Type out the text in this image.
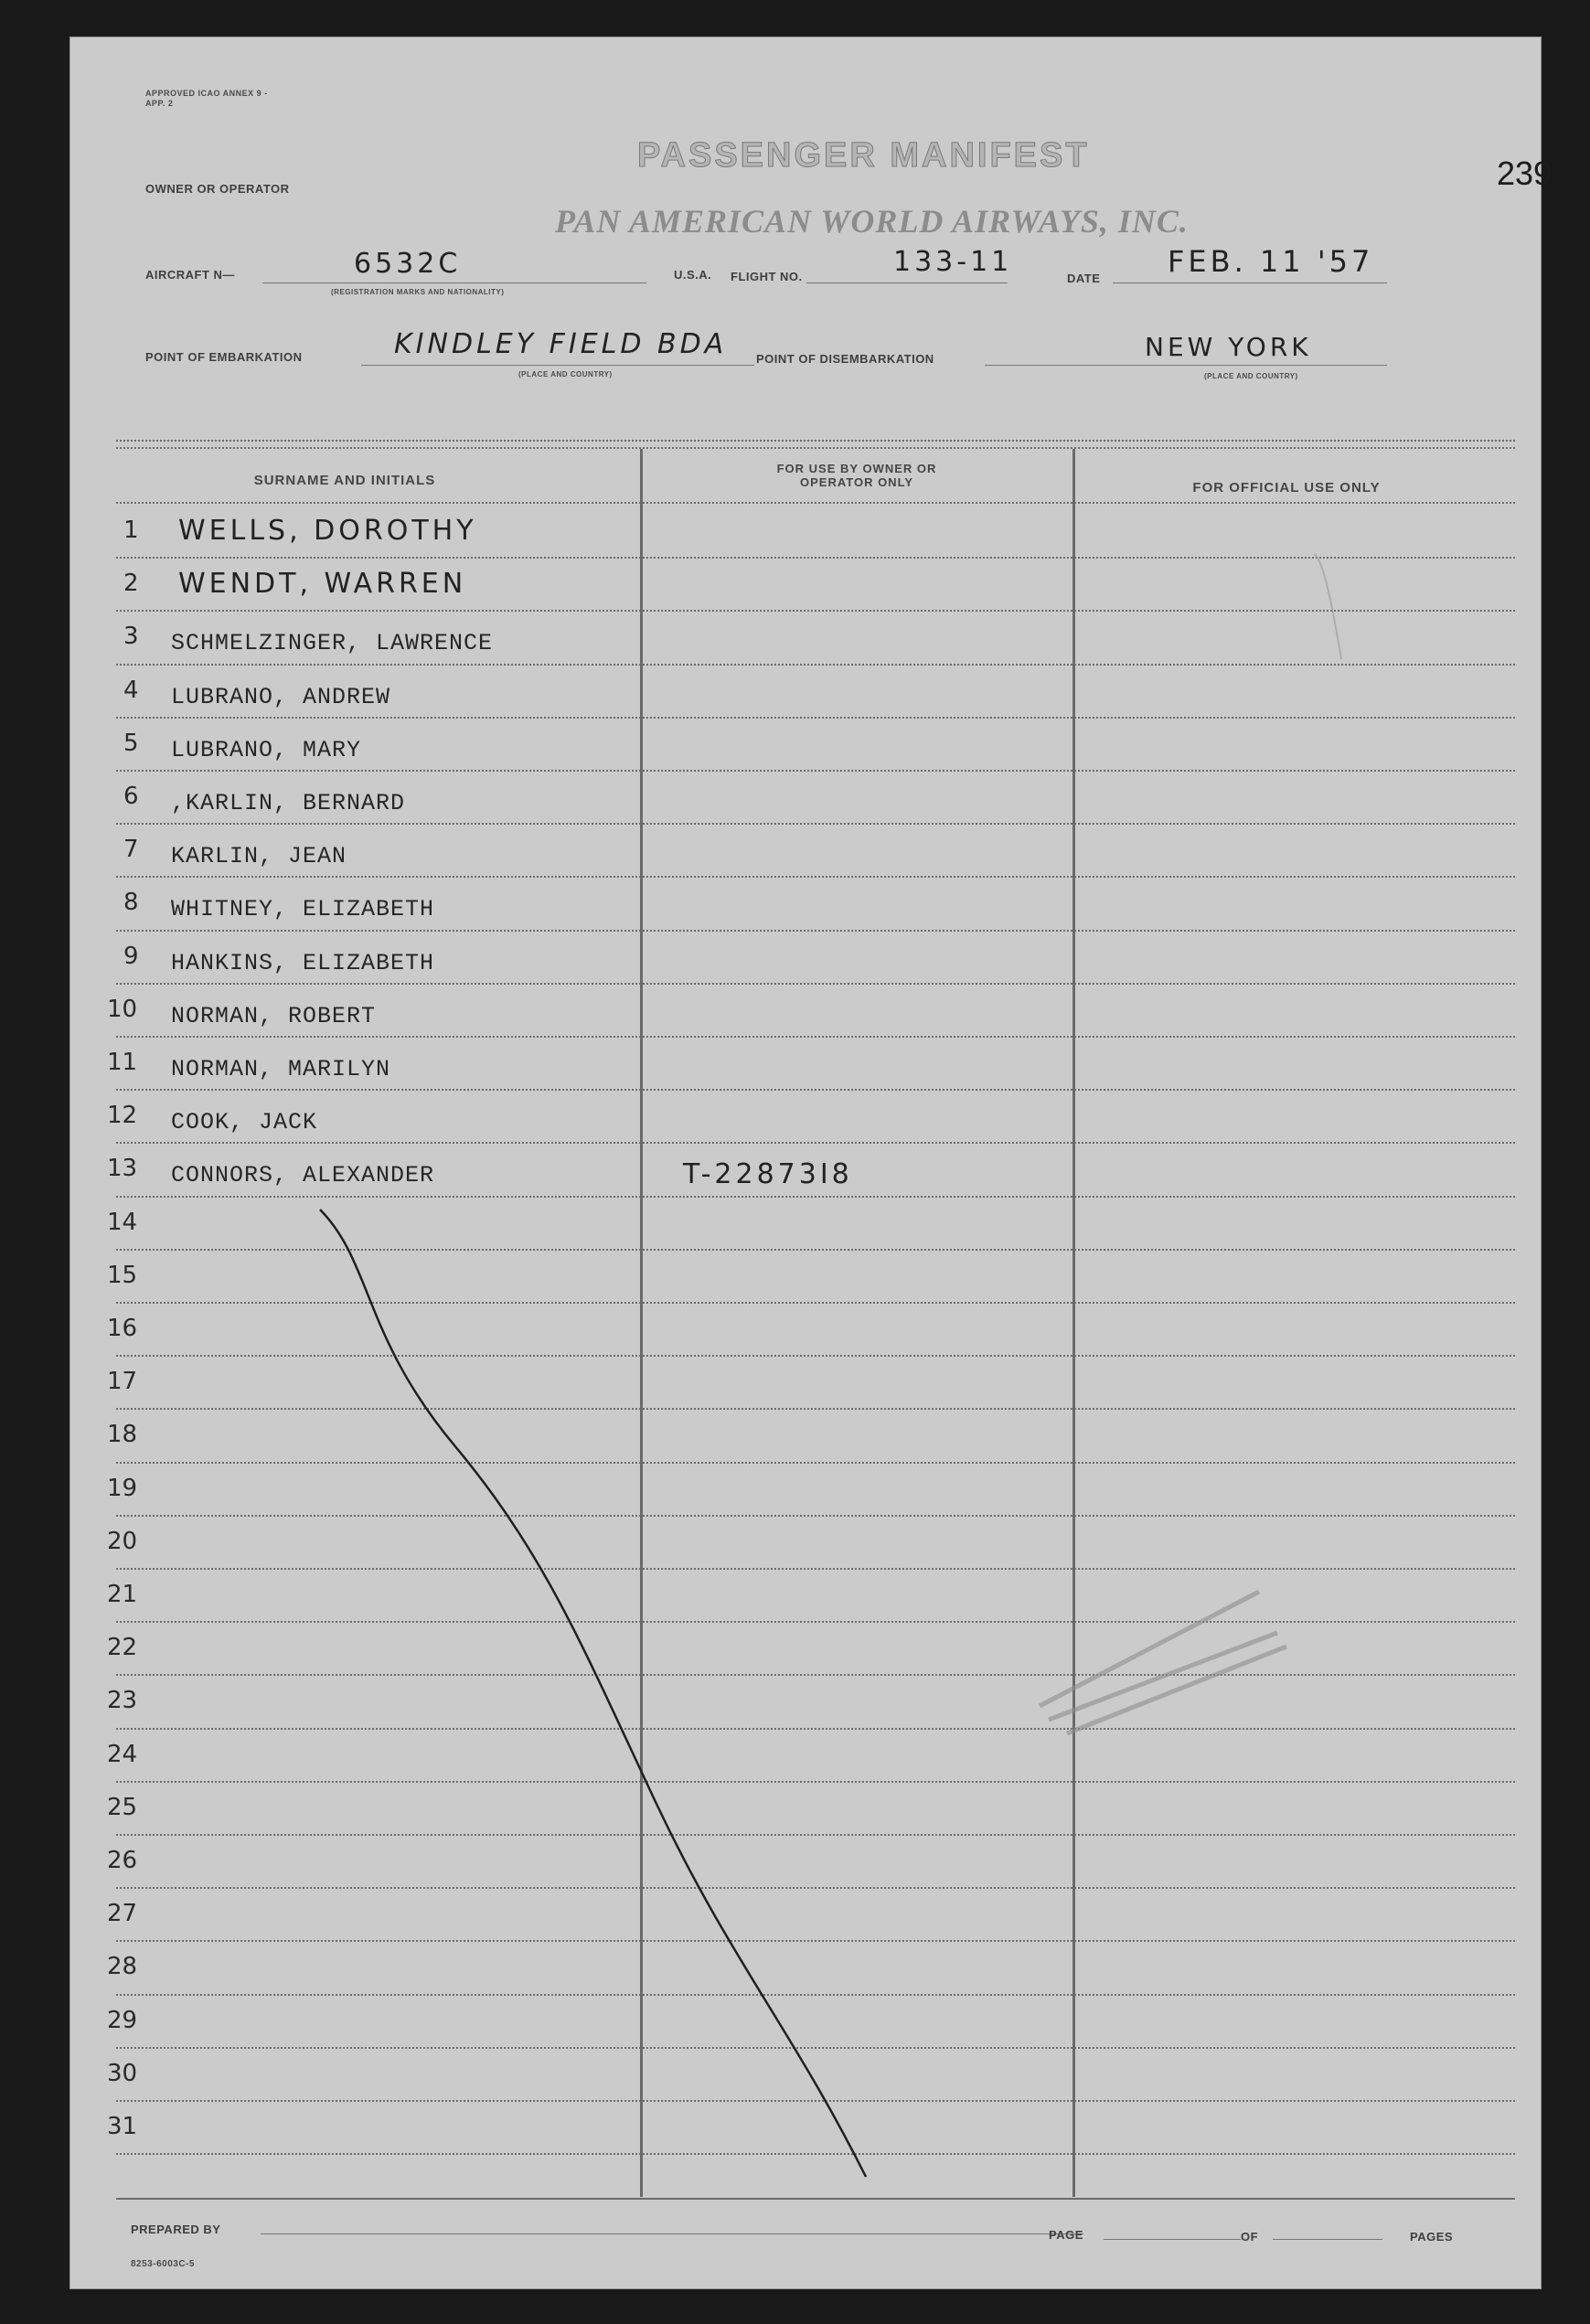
APPROVED ICAO ANNEX 9 - APP. 2
PASSENGER MANIFEST	239
OWNER OR OPERATOR
PAN AMERICAN WORLD AIRWAYS, INC.
AIRCRAFT N—	6532C
(REGISTRATION MARKS AND NATIONALITY)
U.S.A. FLIGHT NO.	133-11
DATE FEB. 11 '57
POINT OF EMBARKATION	KINDLEY FIELD BDA
(PLACE AND COUNTRY)
POINT OF DISEMBARKATION	NEW YORK
(PLACE AND COUNTRY)
SURNAME AND INITIALS
FOR USE BY OWNER OR OPERATOR ONLY	FOR OFFICIAL USE ONLY
1 WELLS, DOROTHY
2 WENDT, WARREN
3 SCHMELZINGER, LAWRENCE
4 LUBRANO, ANDREW
5 LUBRANO, MARY
6 ,KARLIN, BERNARD
7 KARLIN, JEAN
8 WHITNEY, ELIZABETH
9 HANKINS, ELIZABETH
10 NORMAN, ROBERT
11 NORMAN, MARILYN
12 COOK, JACK
13 CONNORS, ALEXANDER	T-22873I8
14
15
16
17
18
19
20
21
22
23
24
25
26
27
28
29
30
31
PREPARED BY	PAGE	OF	PAGES
8253-6003C-5
